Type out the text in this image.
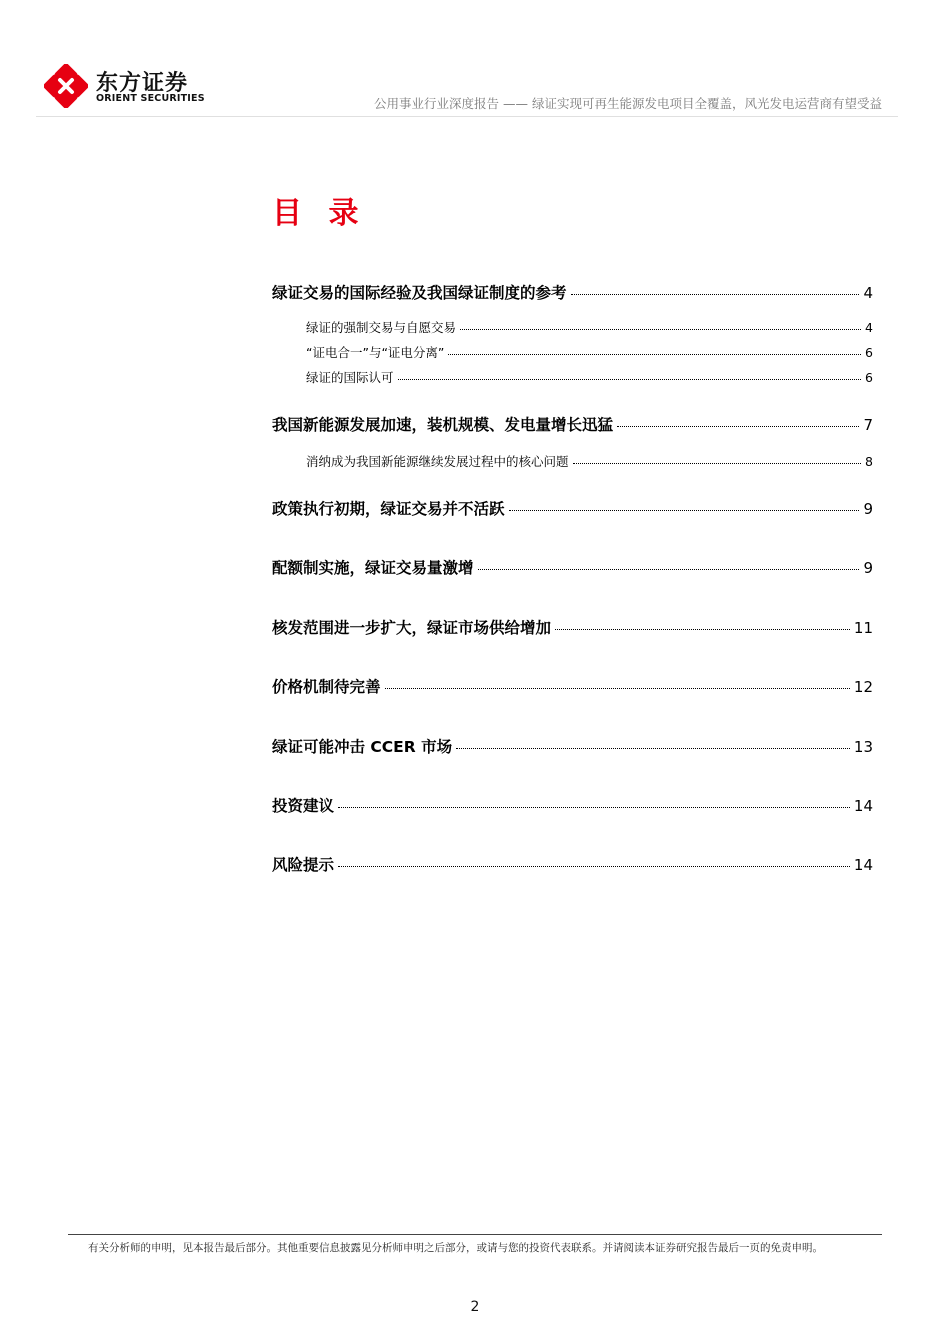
东方证券
ORIENT SECURITIES	公用事业行业深度报告 —— 绿证实现可再生能源发电项目全覆盖，风光发电运营商有望受益
目 录
绿证交易的国际经验及我国绿证制度的参考	4
绿证的强制交易与自愿交易	4
“证电合一”与“证电分离”	6
绿证的国际认可	6
我国新能源发展加速，装机规模、发电量增长迅猛	7
消纳成为我国新能源继续发展过程中的核心问题	8
政策执行初期，绿证交易并不活跃	9
配额制实施，绿证交易量激增	9
核发范围进一步扩大，绿证市场供给增加	11
价格机制待完善	12
绿证可能冲击 CCER 市场	13
投资建议	14
风险提示	14
有关分析师的申明，见本报告最后部分。其他重要信息披露见分析师申明之后部分，或请与您的投资代表联系。并请阅读本证券研究报告最后一页的免责申明。
2
